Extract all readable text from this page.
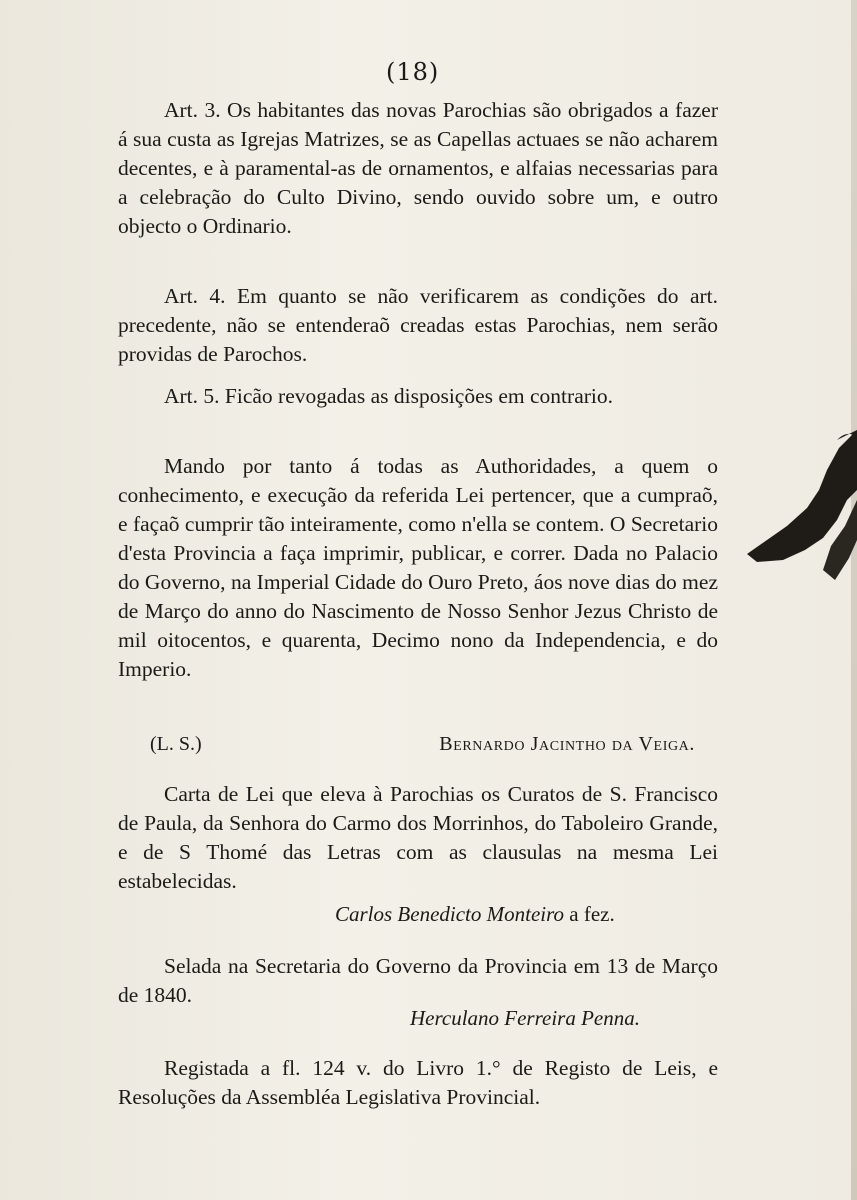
(18)

Art. 3. Os habitantes das novas Parochias são obrigados a fazer á sua custa as Igrejas Matrizes, se as Capellas actuaes se não acharem decentes, e à paramental-as de ornamentos, e alfaias necessarias para a celebração do Culto Divino, sendo ouvido sobre um, e outro objecto o Ordinario.

Art. 4. Em quanto se não verificarem as condições do art. precedente, não se entenderaõ creadas estas Parochias, nem serão providas de Parochos.

Art. 5. Ficão revogadas as disposições em contrario.

Mando por tanto á todas as Authoridades, a quem o conhecimento, e execução da referida Lei pertencer, que a cumpraõ, e façaõ cumprir tão inteiramente, como n'ella se contem. O Secretario d'esta Provincia a faça imprimir, publicar, e correr. Dada no Palacio do Governo, na Imperial Cidade do Ouro Preto, áos nove dias do mez de Março do anno do Nascimento de Nosso Senhor Jezus Christo de mil oitocentos, e quarenta, Decimo nono da Independencia, e do Imperio.

(L. S.)	Bernardo Jacintho da Veiga.

Carta de Lei que eleva à Parochias os Curatos de S. Francisco de Paula, da Senhora do Carmo dos Morrinhos, do Taboleiro Grande, e de S Thomé das Letras com as clausulas na mesma Lei estabelecidas.

Carlos Benedicto Monteiro a fez.

Selada na Secretaria do Governo da Provincia em 13 de Março de 1840.

Herculano Ferreira Penna.

Registada a fl. 124 v. do Livro 1.° de Registo de Leis, e Resoluções da Assembléa Legislativa Provincial.
